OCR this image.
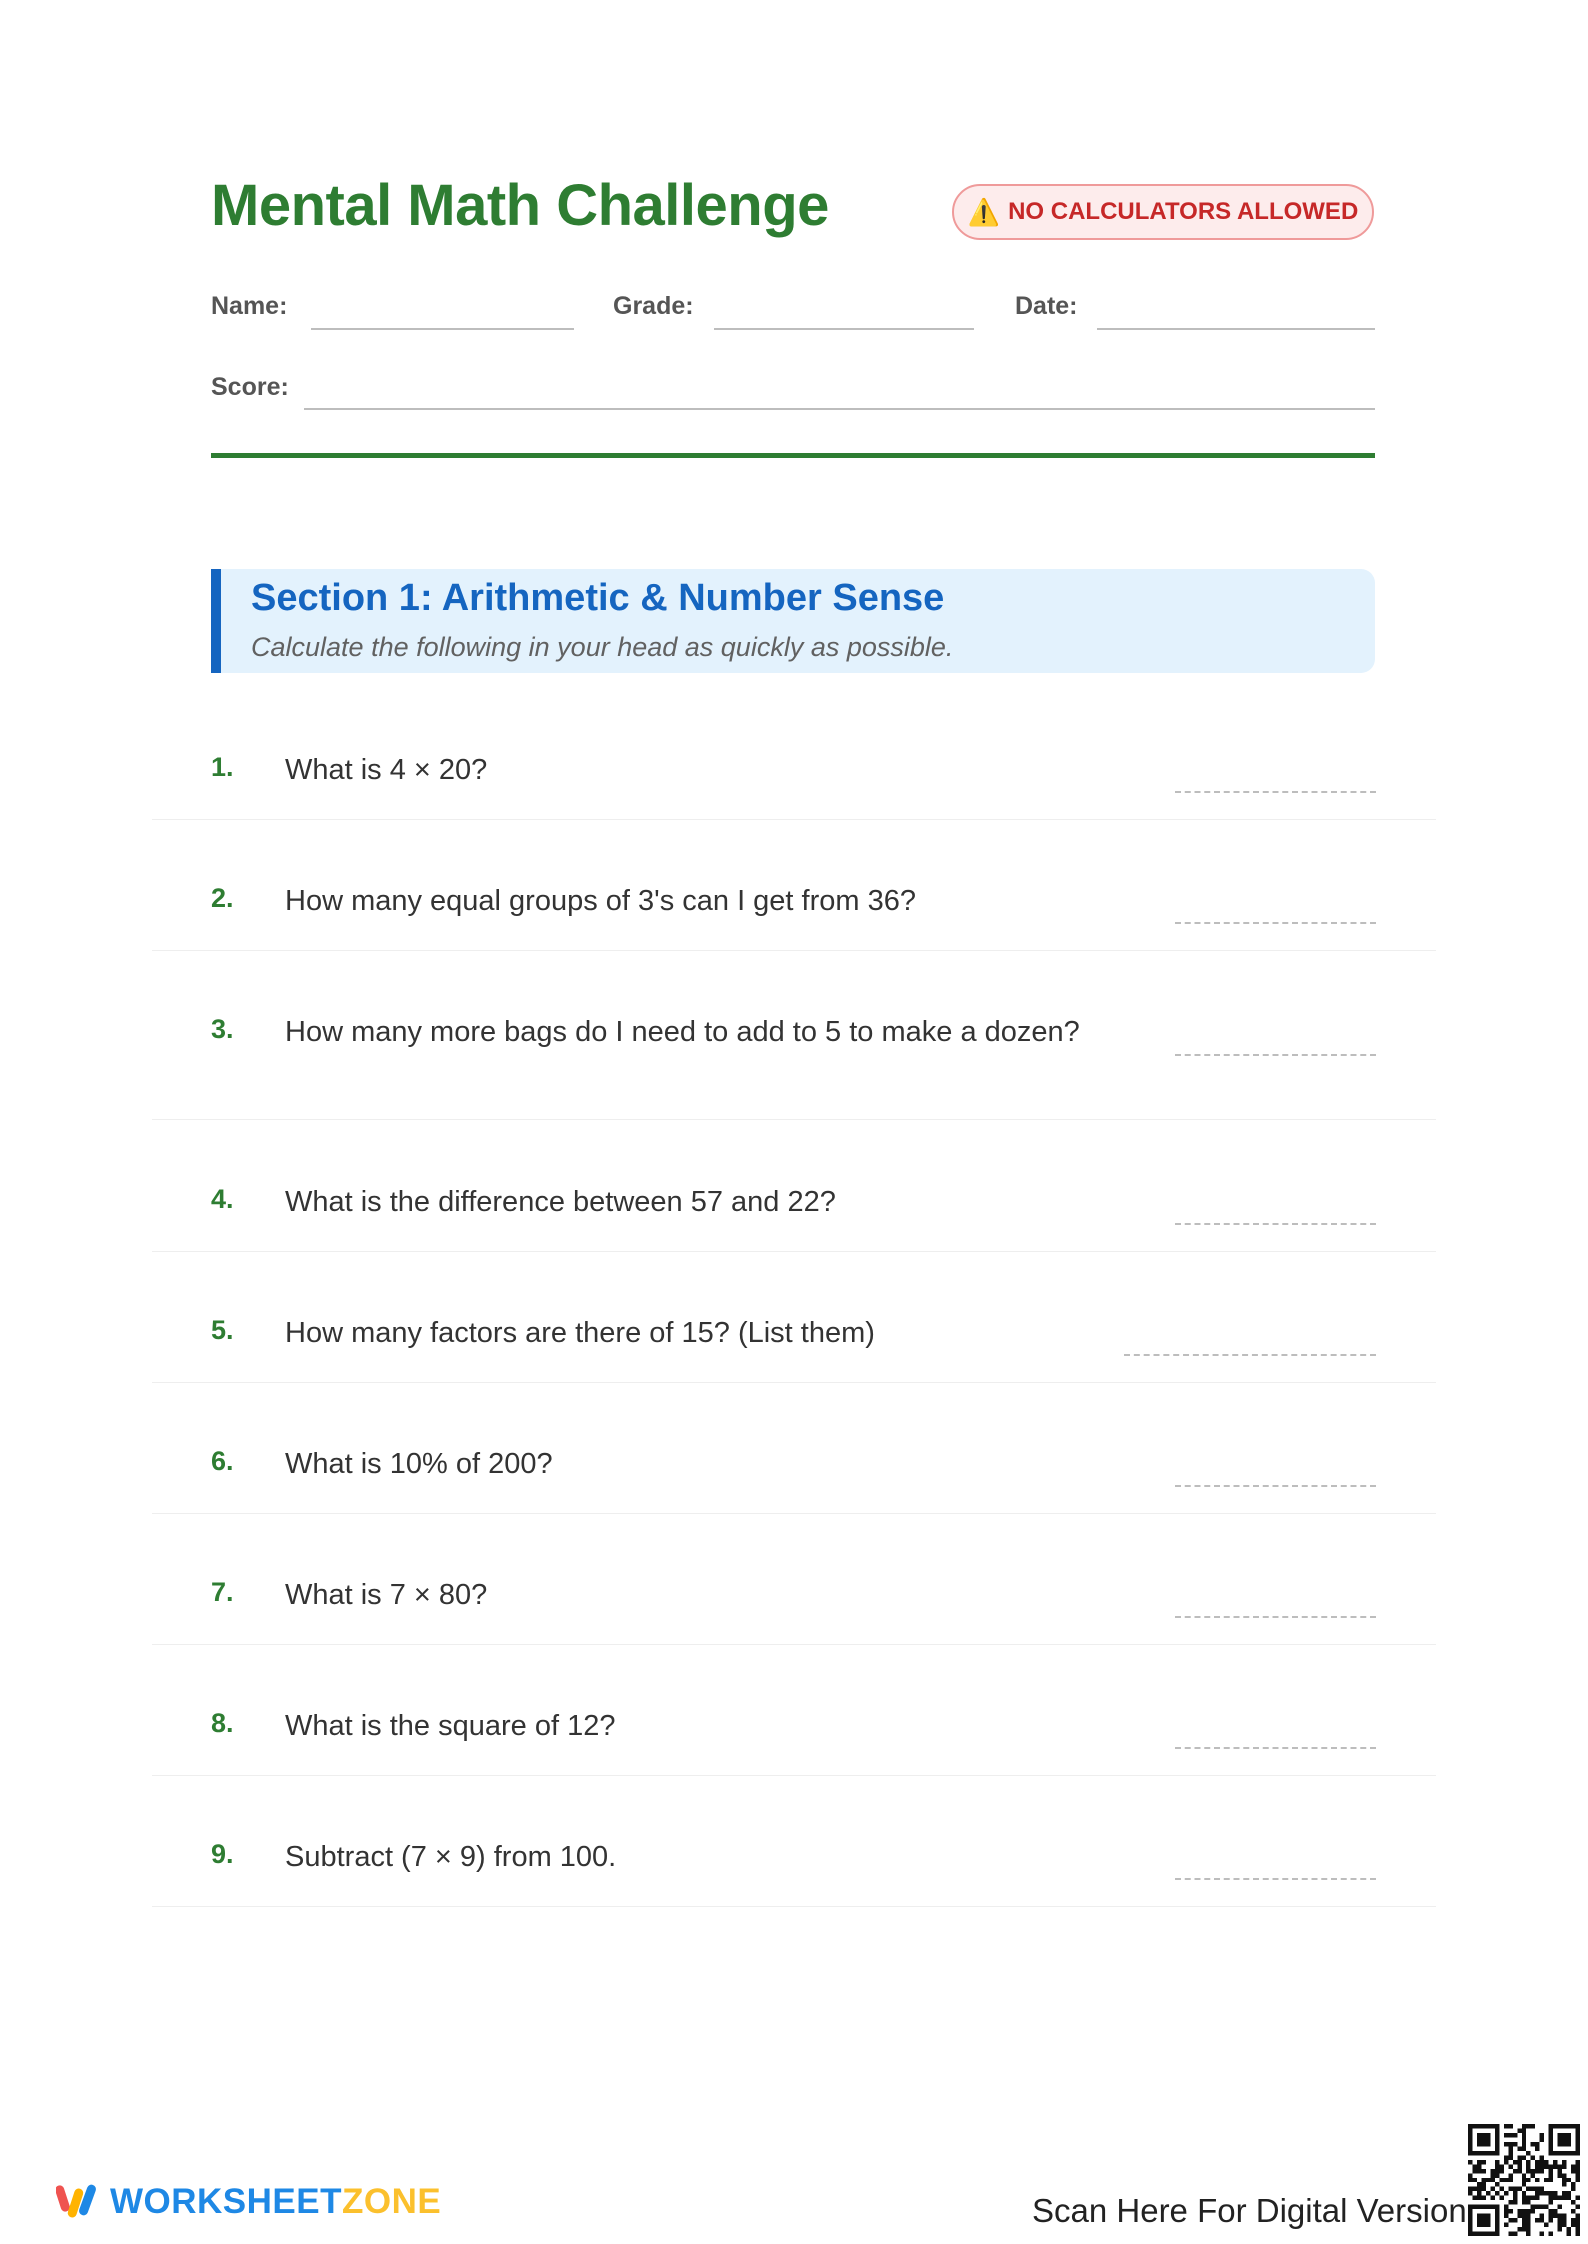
Mental Math Challenge	⚠️ NO CALCULATORS ALLOWED
Name:	Grade:	Date:
Score:
Section 1: Arithmetic & Number Sense
Calculate the following in your head as quickly as possible.
1. What is 4 × 20?
2. How many equal groups of 3's can I get from 36?
3. How many more bags do I need to add to 5 to make a dozen?
4. What is the difference between 57 and 22?
5. How many factors are there of 15? (List them)
6. What is 10% of 200?
7. What is 7 × 80?
8. What is the square of 12?
9. Subtract (7 × 9) from 100.
WORKSHEETZONE	Scan Here For Digital Version
